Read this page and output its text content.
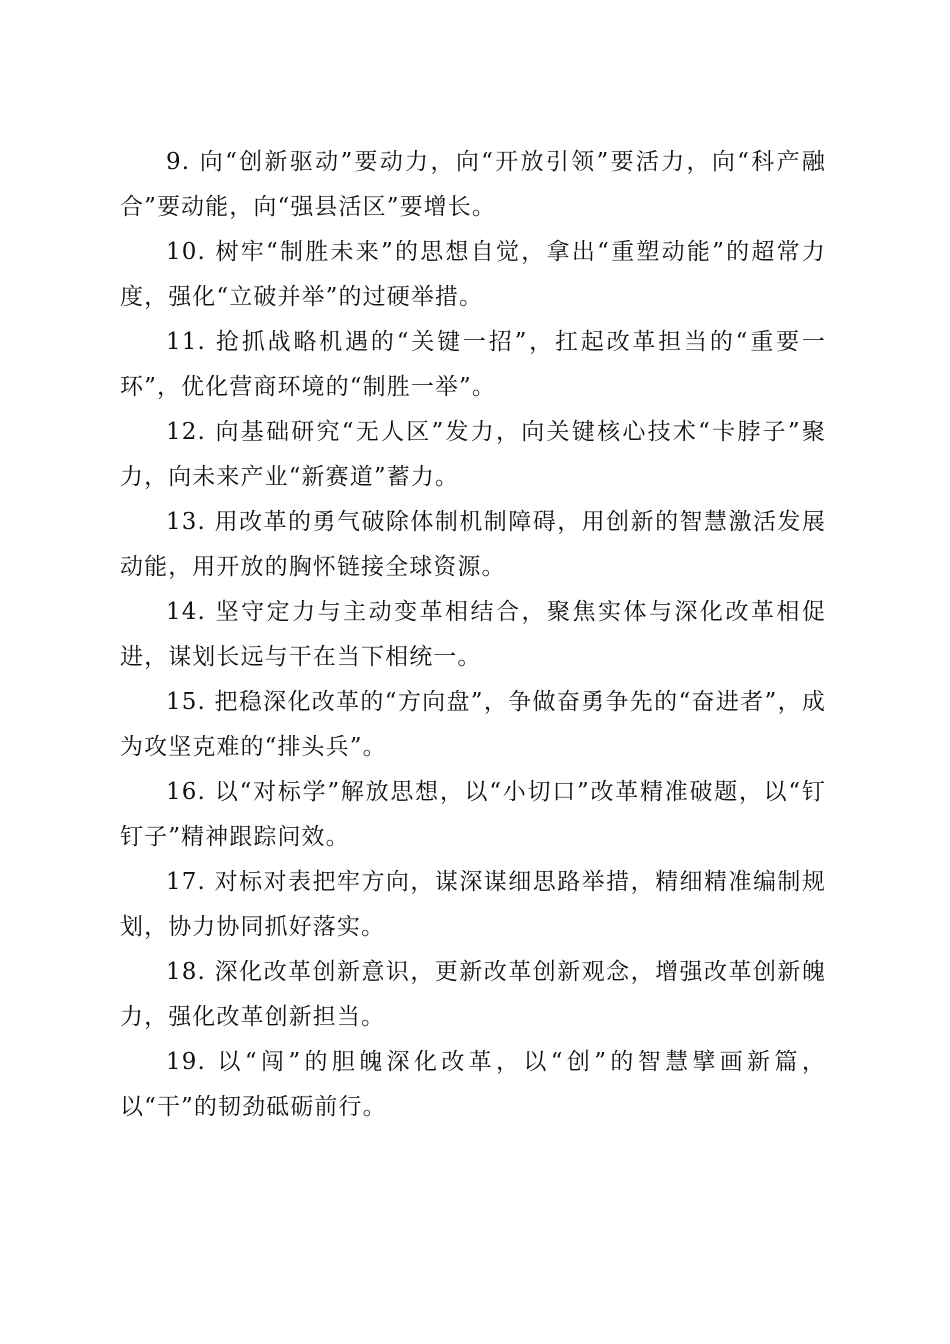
9. 向“创新驱动”要动力，向“开放引领”要活力，向“科产融合”要动能，向“强县活区”要增长。

10. 树牢“制胜未来”的思想自觉，拿出“重塑动能”的超常力度，强化“立破并举”的过硬举措。

11. 抢抓战略机遇的“关键一招”，扛起改革担当的“重要一环”，优化营商环境的“制胜一举”。

12. 向基础研究“无人区”发力，向关键核心技术“卡脖子”聚力，向未来产业“新赛道”蓄力。

13. 用改革的勇气破除体制机制障碍，用创新的智慧激活发展动能，用开放的胸怀链接全球资源。

14. 坚守定力与主动变革相结合，聚焦实体与深化改革相促进，谋划长远与干在当下相统一。

15. 把稳深化改革的“方向盘”，争做奋勇争先的“奋进者”，成为攻坚克难的“排头兵”。

16. 以“对标学”解放思想，以“小切口”改革精准破题，以“钉钉子”精神跟踪问效。

17. 对标对表把牢方向，谋深谋细思路举措，精细精准编制规划，协力协同抓好落实。

18. 深化改革创新意识，更新改革创新观念，增强改革创新魄力，强化改革创新担当。

19. 以“闯”的胆魄深化改革，以“创”的智慧擘画新篇，以“干”的韧劲砥砺前行。
